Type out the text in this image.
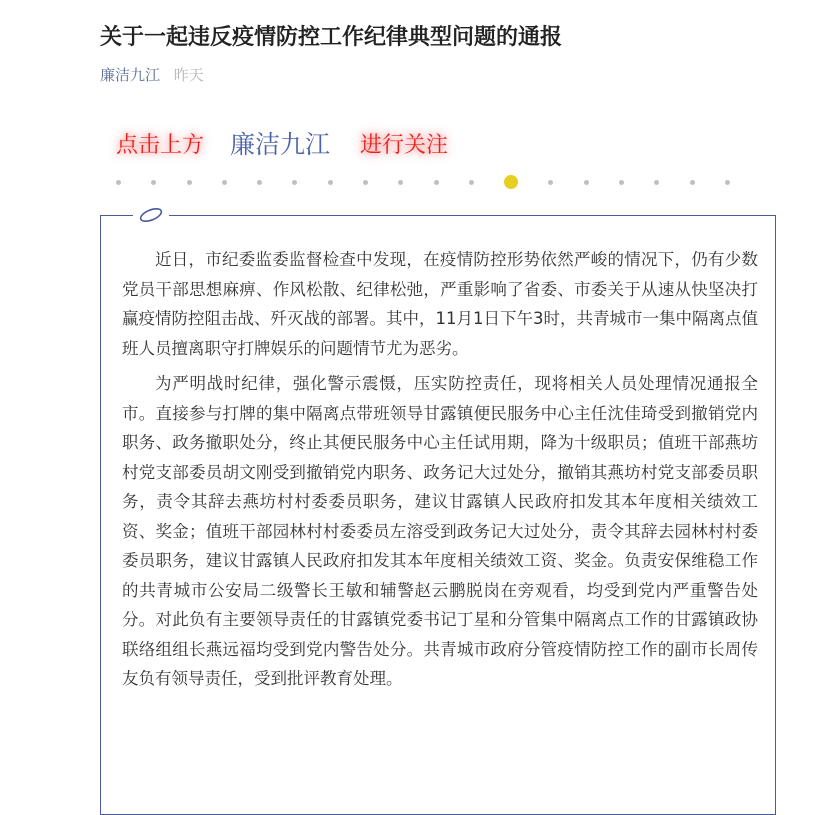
关于一起违反疫情防控工作纪律典型问题的通报
廉洁九江 昨天
点击上方	廉洁九江	进行关注

近日，市纪委监委监督检查中发现，在疫情防控形势依然严峻的情况下，仍有少数党员干部思想麻痹、作风松散、纪律松弛，严重影响了省委、市委关于从速从快坚决打赢疫情防控阻击战、歼灭战的部署。其中，11月1日下午3时，共青城市一集中隔离点值班人员擅离职守打牌娱乐的问题情节尤为恶劣。

为严明战时纪律，强化警示震慑，压实防控责任，现将相关人员处理情况通报全市。直接参与打牌的集中隔离点带班领导甘露镇便民服务中心主任沈佳琦受到撤销党内职务、政务撤职处分，终止其便民服务中心主任试用期，降为十级职员；值班干部燕坊村党支部委员胡文刚受到撤销党内职务、政务记大过处分，撤销其燕坊村党支部委员职务，责令其辞去燕坊村村委委员职务，建议甘露镇人民政府扣发其本年度相关绩效工资、奖金；值班干部园林村村委委员左溶受到政务记大过处分，责令其辞去园林村村委委员职务，建议甘露镇人民政府扣发其本年度相关绩效工资、奖金。负责安保维稳工作的共青城市公安局二级警长王敏和辅警赵云鹏脱岗在旁观看，均受到党内严重警告处分。对此负有主要领导责任的甘露镇党委书记丁星和分管集中隔离点工作的甘露镇政协联络组组长燕远福均受到党内警告处分。共青城市政府分管疫情防控工作的副市长周传友负有领导责任，受到批评教育处理。
